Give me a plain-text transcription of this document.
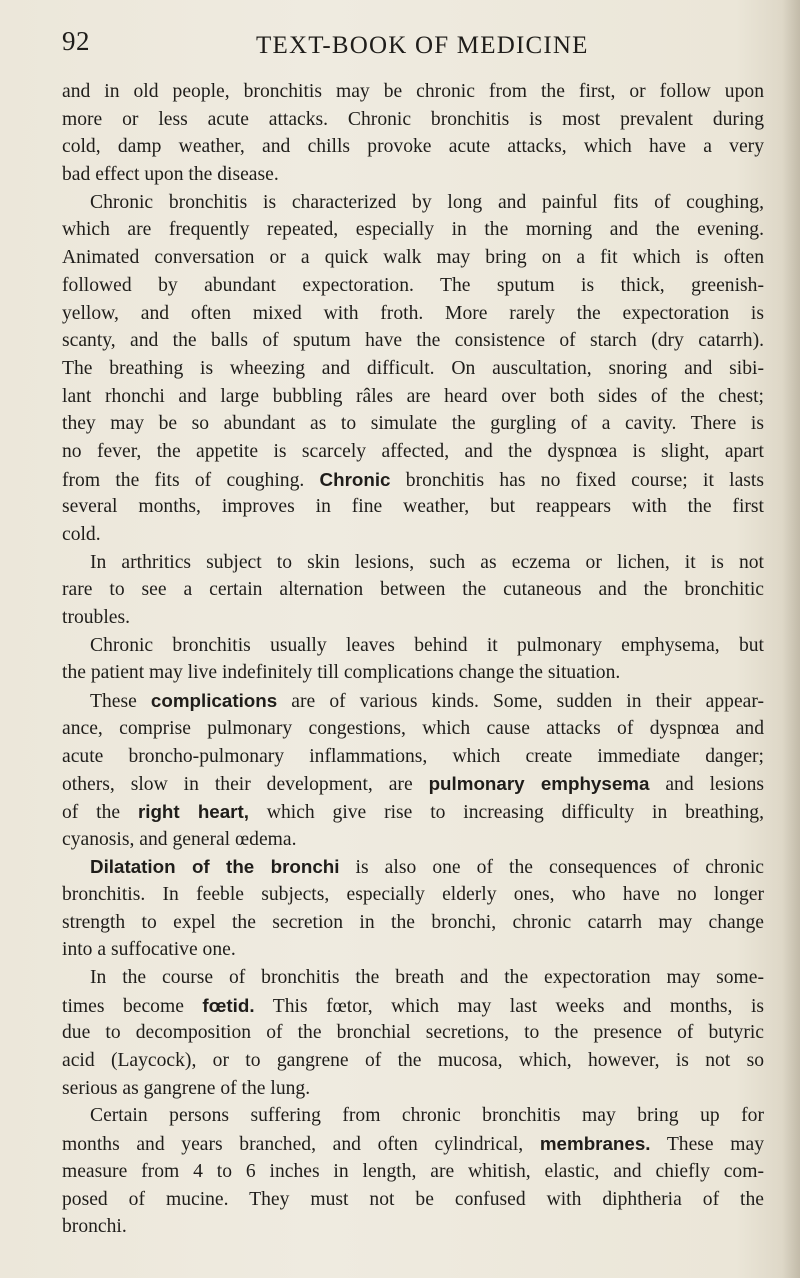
92	TEXT-BOOK OF MEDICINE
and in old people, bronchitis may be chronic from the first, or follow upon
more or less acute attacks. Chronic bronchitis is most prevalent during
cold, damp weather, and chills provoke acute attacks, which have a very
bad effect upon the disease.
Chronic bronchitis is characterized by long and painful fits of coughing,
which are frequently repeated, especially in the morning and the evening.
Animated conversation or a quick walk may bring on a fit which is often
followed by abundant expectoration. The sputum is thick, greenish-
yellow, and often mixed with froth. More rarely the expectoration is
scanty, and the balls of sputum have the consistence of starch (dry catarrh).
The breathing is wheezing and difficult. On auscultation, snoring and sibi-
lant rhonchi and large bubbling râles are heard over both sides of the chest;
they may be so abundant as to simulate the gurgling of a cavity. There is
no fever, the appetite is scarcely affected, and the dyspnœa is slight, apart
from the fits of coughing. Chronic bronchitis has no fixed course; it lasts
several months, improves in fine weather, but reappears with the first
cold.
In arthritics subject to skin lesions, such as eczema or lichen, it is not
rare to see a certain alternation between the cutaneous and the bronchitic
troubles.
Chronic bronchitis usually leaves behind it pulmonary emphysema, but
the patient may live indefinitely till complications change the situation.
These complications are of various kinds. Some, sudden in their appear-
ance, comprise pulmonary congestions, which cause attacks of dyspnœa and
acute broncho-pulmonary inflammations, which create immediate danger;
others, slow in their development, are pulmonary emphysema and lesions
of the right heart, which give rise to increasing difficulty in breathing,
cyanosis, and general œdema.
Dilatation of the bronchi is also one of the consequences of chronic
bronchitis. In feeble subjects, especially elderly ones, who have no longer
strength to expel the secretion in the bronchi, chronic catarrh may change
into a suffocative one.
In the course of bronchitis the breath and the expectoration may some-
times become fœtid. This fœtor, which may last weeks and months, is
due to decomposition of the bronchial secretions, to the presence of butyric
acid (Laycock), or to gangrene of the mucosa, which, however, is not so
serious as gangrene of the lung.
Certain persons suffering from chronic bronchitis may bring up for
months and years branched, and often cylindrical, membranes. These may
measure from 4 to 6 inches in length, are whitish, elastic, and chiefly com-
posed of mucine. They must not be confused with diphtheria of the
bronchi.
